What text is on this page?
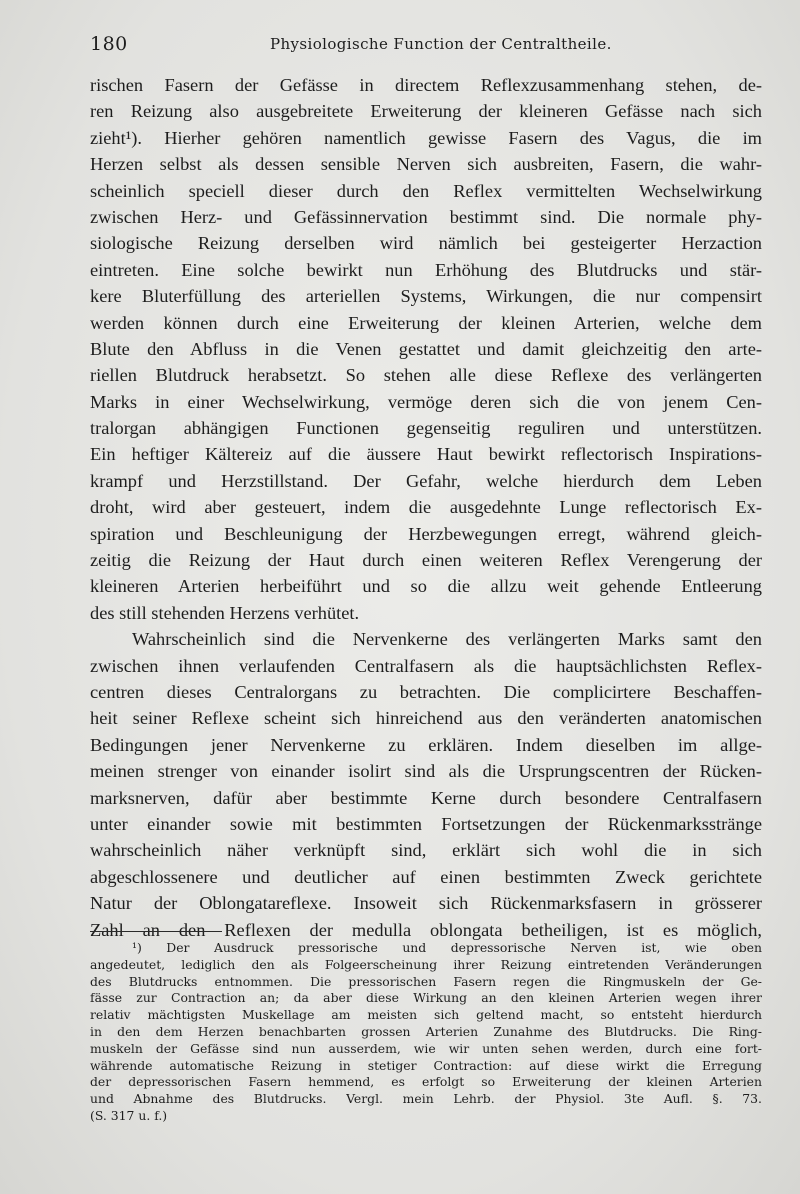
180	Physiologische Function der Centraltheile.
rischen Fasern der Gefässe in directem Reflexzusammenhang stehen, de-
ren Reizung also ausgebreitete Erweiterung der kleineren Gefässe nach sich
zieht¹). Hierher gehören namentlich gewisse Fasern des Vagus, die im
Herzen selbst als dessen sensible Nerven sich ausbreiten, Fasern, die wahr-
scheinlich speciell dieser durch den Reflex vermittelten Wechselwirkung
zwischen Herz- und Gefässinnervation bestimmt sind. Die normale phy-
siologische Reizung derselben wird nämlich bei gesteigerter Herzaction
eintreten. Eine solche bewirkt nun Erhöhung des Blutdrucks und stär-
kere Bluterfüllung des arteriellen Systems, Wirkungen, die nur compensirt
werden können durch eine Erweiterung der kleinen Arterien, welche dem
Blute den Abfluss in die Venen gestattet und damit gleichzeitig den arte-
riellen Blutdruck herabsetzt. So stehen alle diese Reflexe des verlängerten
Marks in einer Wechselwirkung, vermöge deren sich die von jenem Cen-
tralorgan abhängigen Functionen gegenseitig reguliren und unterstützen.
Ein heftiger Kältereiz auf die äussere Haut bewirkt reflectorisch Inspirations-
krampf und Herzstillstand. Der Gefahr, welche hierdurch dem Leben
droht, wird aber gesteuert, indem die ausgedehnte Lunge reflectorisch Ex-
spiration und Beschleunigung der Herzbewegungen erregt, während gleich-
zeitig die Reizung der Haut durch einen weiteren Reflex Verengerung der
kleineren Arterien herbeiführt und so die allzu weit gehende Entleerung
des still stehenden Herzens verhütet.
Wahrscheinlich sind die Nervenkerne des verlängerten Marks samt den
zwischen ihnen verlaufenden Centralfasern als die hauptsächlichsten Reflex-
centren dieses Centralorgans zu betrachten. Die complicirtere Beschaffen-
heit seiner Reflexe scheint sich hinreichend aus den veränderten anatomischen
Bedingungen jener Nervenkerne zu erklären. Indem dieselben im allge-
meinen strenger von einander isolirt sind als die Ursprungscentren der Rücken-
marksnerven, dafür aber bestimmte Kerne durch besondere Centralfasern
unter einander sowie mit bestimmten Fortsetzungen der Rückenmarksstränge
wahrscheinlich näher verknüpft sind, erklärt sich wohl die in sich
abgeschlossenere und deutlicher auf einen bestimmten Zweck gerichtete
Natur der Oblongatareflexe. Insoweit sich Rückenmarksfasern in grösserer
Zahl an den Reflexen der medulla oblongata betheiligen, ist es möglich,
¹) Der Ausdruck pressorische und depressorische Nerven ist, wie oben
angedeutet, lediglich den als Folgeerscheinung ihrer Reizung eintretenden Veränderungen
des Blutdrucks entnommen. Die pressorischen Fasern regen die Ringmuskeln der Ge-
fässe zur Contraction an; da aber diese Wirkung an den kleinen Arterien wegen ihrer
relativ mächtigsten Muskellage am meisten sich geltend macht, so entsteht hierdurch
in den dem Herzen benachbarten grossen Arterien Zunahme des Blutdrucks. Die Ring-
muskeln der Gefässe sind nun ausserdem, wie wir unten sehen werden, durch eine fort-
währende automatische Reizung in stetiger Contraction: auf diese wirkt die Erregung
der depressorischen Fasern hemmend, es erfolgt so Erweiterung der kleinen Arterien
und Abnahme des Blutdrucks. Vergl. mein Lehrb. der Physiol. 3te Aufl. §. 73.
(S. 317 u. f.)
